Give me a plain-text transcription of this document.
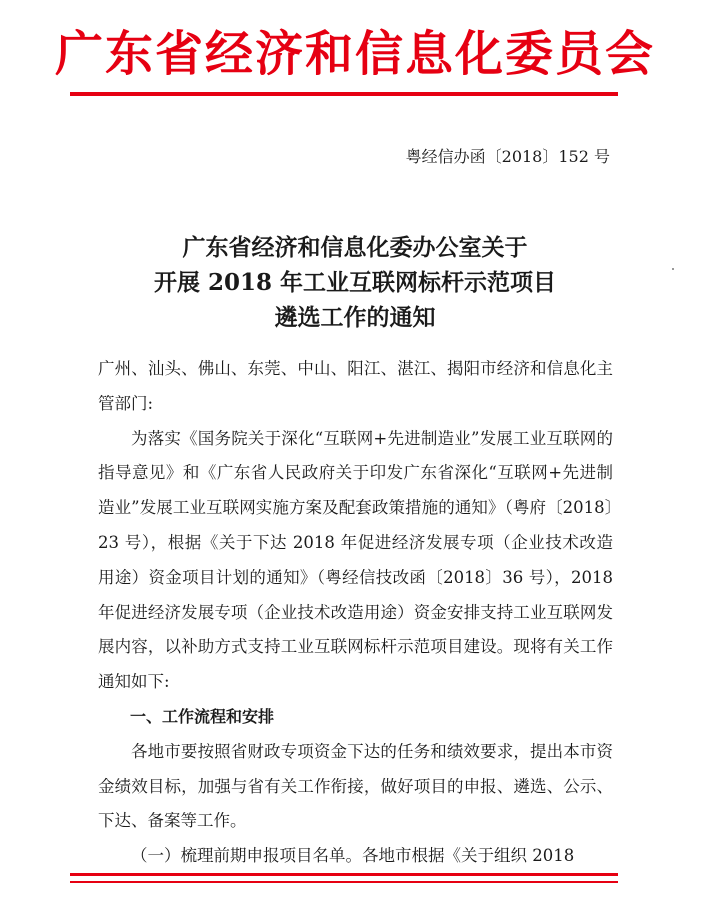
广东省经济和信息化委员会
粤经信办函〔2018〕152 号
广东省经济和信息化委办公室关于
开展 2018 年工业互联网标杆示范项目
遴选工作的通知

广州、汕头、佛山、东莞、中山、阳江、湛江、揭阳市经济和信息化主管部门:

为落实《国务院关于深化“互联网+先进制造业”发展工业互联网的指导意见》和《广东省人民政府关于印发广东省深化“互联网+先进制造业”发展工业互联网实施方案及配套政策措施的通知》（粤府〔2018〕23 号），根据《关于下达 2018 年促进经济发展专项（企业技术改造用途）资金项目计划的通知》（粤经信技改函〔2018〕36 号），2018 年促进经济发展专项（企业技术改造用途）资金安排支持工业互联网发展内容，以补助方式支持工业互联网标杆示范项目建设。现将有关工作通知如下:

一、工作流程和安排

各地市要按照省财政专项资金下达的任务和绩效要求，提出本市资金绩效目标，加强与省有关工作衔接，做好项目的申报、遴选、公示、下达、备案等工作。

（一）梳理前期申报项目名单。各地市根据《关于组织 2018
